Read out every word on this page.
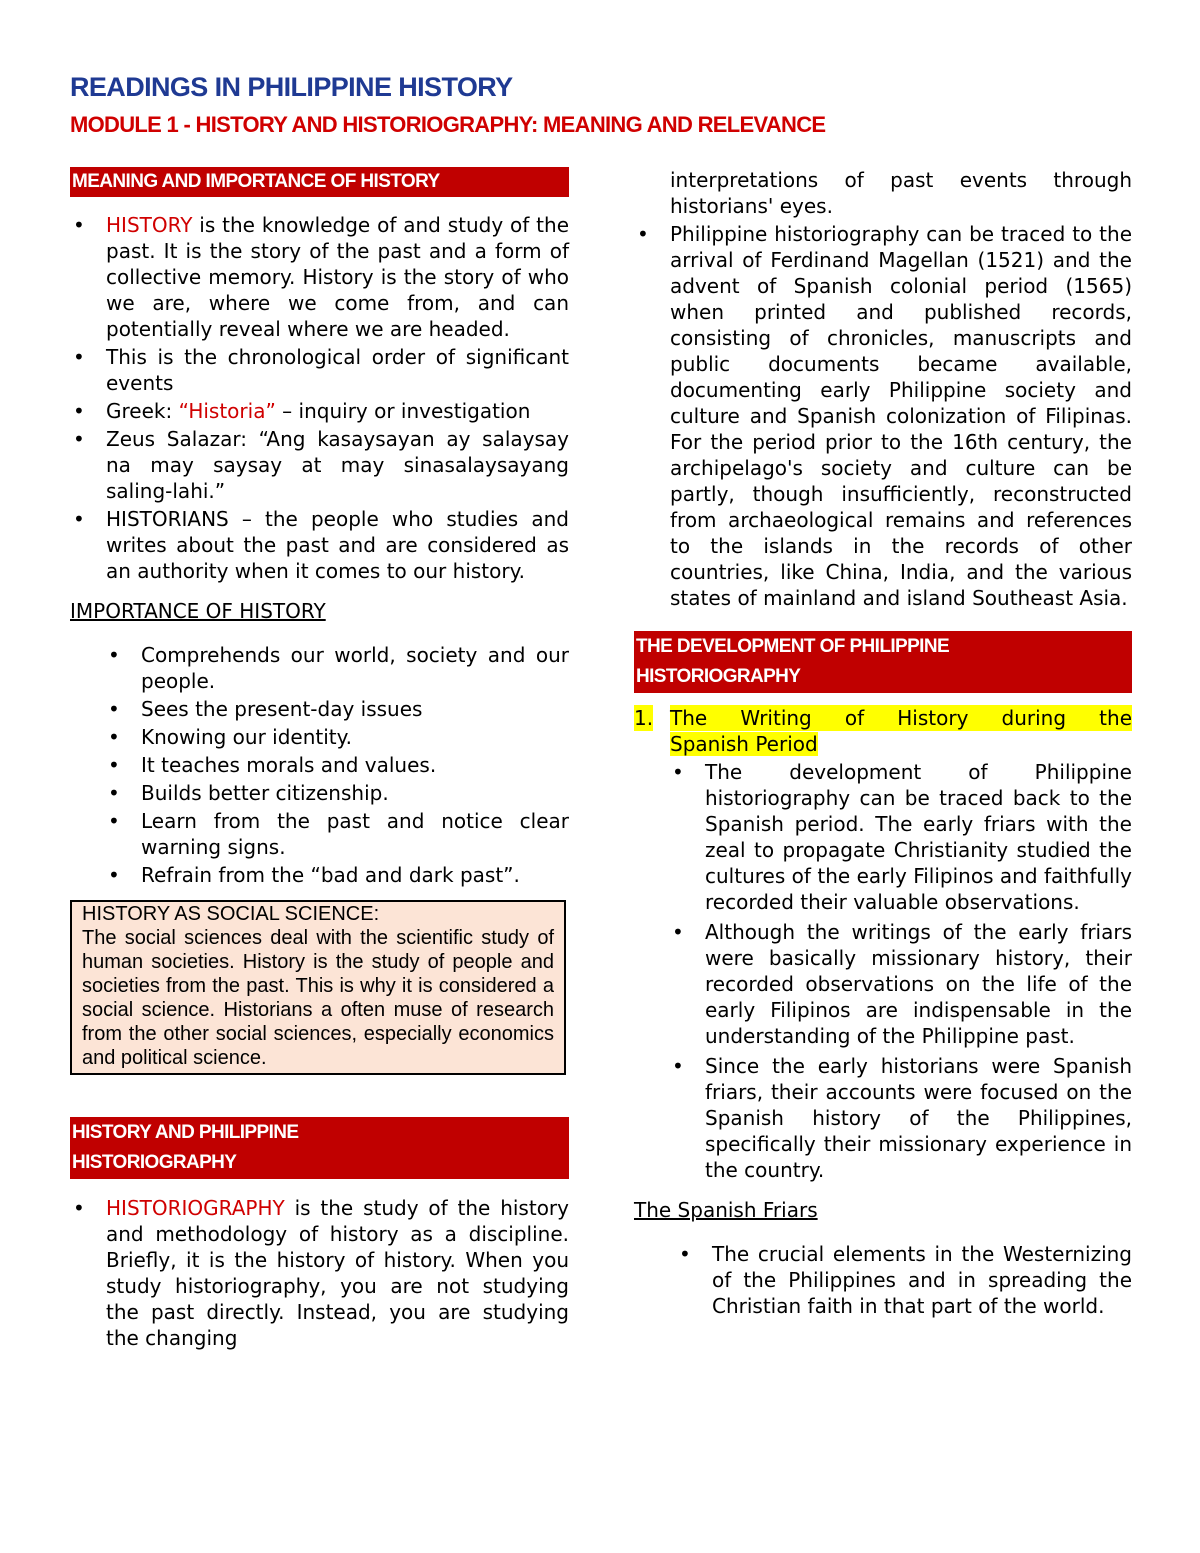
READINGS IN PHILIPPINE HISTORY
MODULE 1 - HISTORY AND HISTORIOGRAPHY: MEANING AND RELEVANCE
MEANING AND IMPORTANCE OF HISTORY
• HISTORY is the knowledge of and study of the past. It is the story of the past and a form of collective memory. History is the story of who we are, where we come from, and can potentially reveal where we are headed.
• This is the chronological order of significant events
• Greek: “Historia” – inquiry or investigation
• Zeus Salazar: “Ang kasaysayan ay salaysay na may saysay at may sinasalaysayang saling-lahi.”
• HISTORIANS – the people who studies and writes about the past and are considered as an authority when it comes to our history.
IMPORTANCE OF HISTORY
• Comprehends our world, society and our people.
• Sees the present-day issues
• Knowing our identity.
• It teaches morals and values.
• Builds better citizenship.
• Learn from the past and notice clear warning signs.
• Refrain from the “bad and dark past”.
HISTORY AS SOCIAL SCIENCE:
The social sciences deal with the scientific study of human societies. History is the study of people and societies from the past. This is why it is considered a social science. Historians a often muse of research from the other social sciences, especially economics and political science.
HISTORY AND PHILIPPINE
HISTORIOGRAPHY
• HISTORIOGRAPHY is the study of the history and methodology of history as a discipline. Briefly, it is the history of history. When you study historiography, you are not studying the past directly. Instead, you are studying the changing
interpretations of past events through historians' eyes.
• Philippine historiography can be traced to the arrival of Ferdinand Magellan (1521) and the advent of Spanish colonial period (1565) when printed and published records, consisting of chronicles, manuscripts and public documents became available, documenting early Philippine society and culture and Spanish colonization of Filipinas. For the period prior to the 16th century, the archipelago's society and culture can be partly, though insufficiently, reconstructed from archaeological remains and references to the islands in the records of other countries, like China, India, and the various states of mainland and island Southeast Asia.
THE DEVELOPMENT OF PHILIPPINE
HISTORIOGRAPHY
1. The Writing of History during the
Spanish Period
• The development of Philippine historiography can be traced back to the Spanish period. The early friars with the zeal to propagate Christianity studied the cultures of the early Filipinos and faithfully recorded their valuable observations.
• Although the writings of the early friars were basically missionary history, their recorded observations on the life of the early Filipinos are indispensable in the understanding of the Philippine past.
• Since the early historians were Spanish friars, their accounts were focused on the Spanish history of the Philippines, specifically their missionary experience in the country.
The Spanish Friars
• The crucial elements in the Westernizing of the Philippines and in spreading the Christian faith in that part of the world.
